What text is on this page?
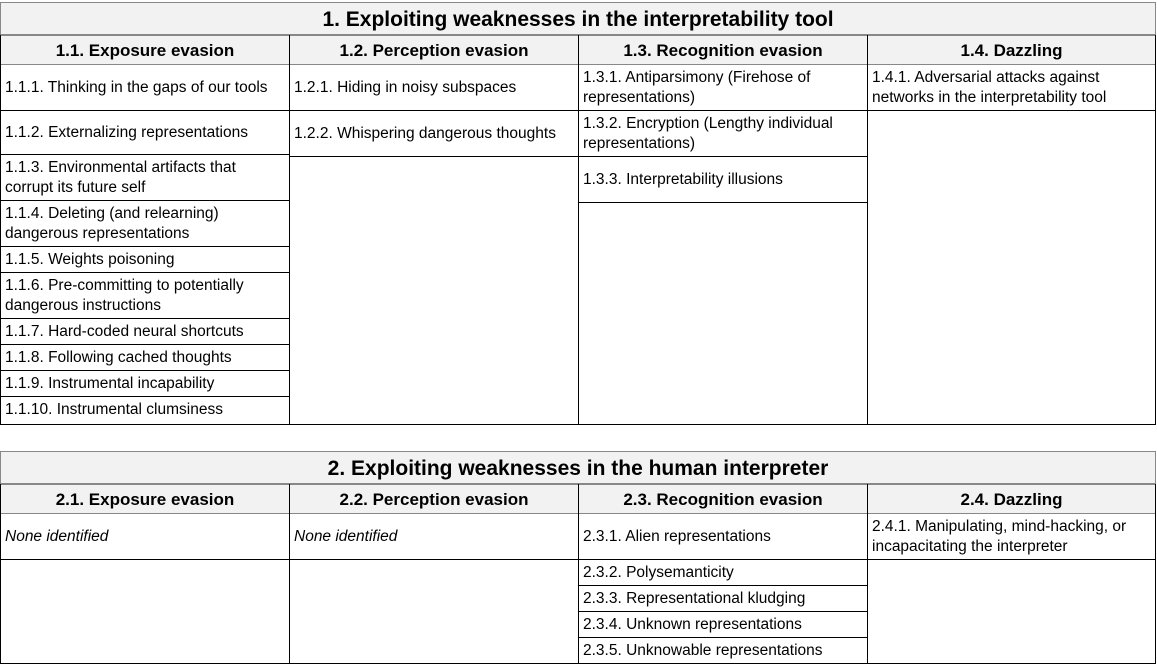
1. Exploiting weaknesses in the interpretability tool
1.1. Exposure evasion
1.1.1. Thinking in the gaps of our tools
1.1.2. Externalizing representations
1.1.3. Environmental artifacts that corrupt its future self
1.1.4. Deleting (and relearning) dangerous representations
1.1.5. Weights poisoning
1.1.6. Pre-committing to potentially dangerous instructions
1.1.7. Hard-coded neural shortcuts
1.1.8. Following cached thoughts
1.1.9. Instrumental incapability
1.1.10. Instrumental clumsiness
1.2. Perception evasion
1.2.1. Hiding in noisy subspaces
1.2.2. Whispering dangerous thoughts
1.3. Recognition evasion
1.3.1. Antiparsimony (Firehose of representations)
1.3.2. Encryption (Lengthy individual representations)
1.3.3. Interpretability illusions
1.4. Dazzling
1.4.1. Adversarial attacks against networks in the interpretability tool
2. Exploiting weaknesses in the human interpreter
2.1. Exposure evasion
None identified
2.2. Perception evasion
None identified
2.3. Recognition evasion
2.3.1. Alien representations
2.3.2. Polysemanticity
2.3.3. Representational kludging
2.3.4. Unknown representations
2.3.5. Unknowable representations
2.4. Dazzling
2.4.1. Manipulating, mind-hacking, or incapacitating the interpreter
